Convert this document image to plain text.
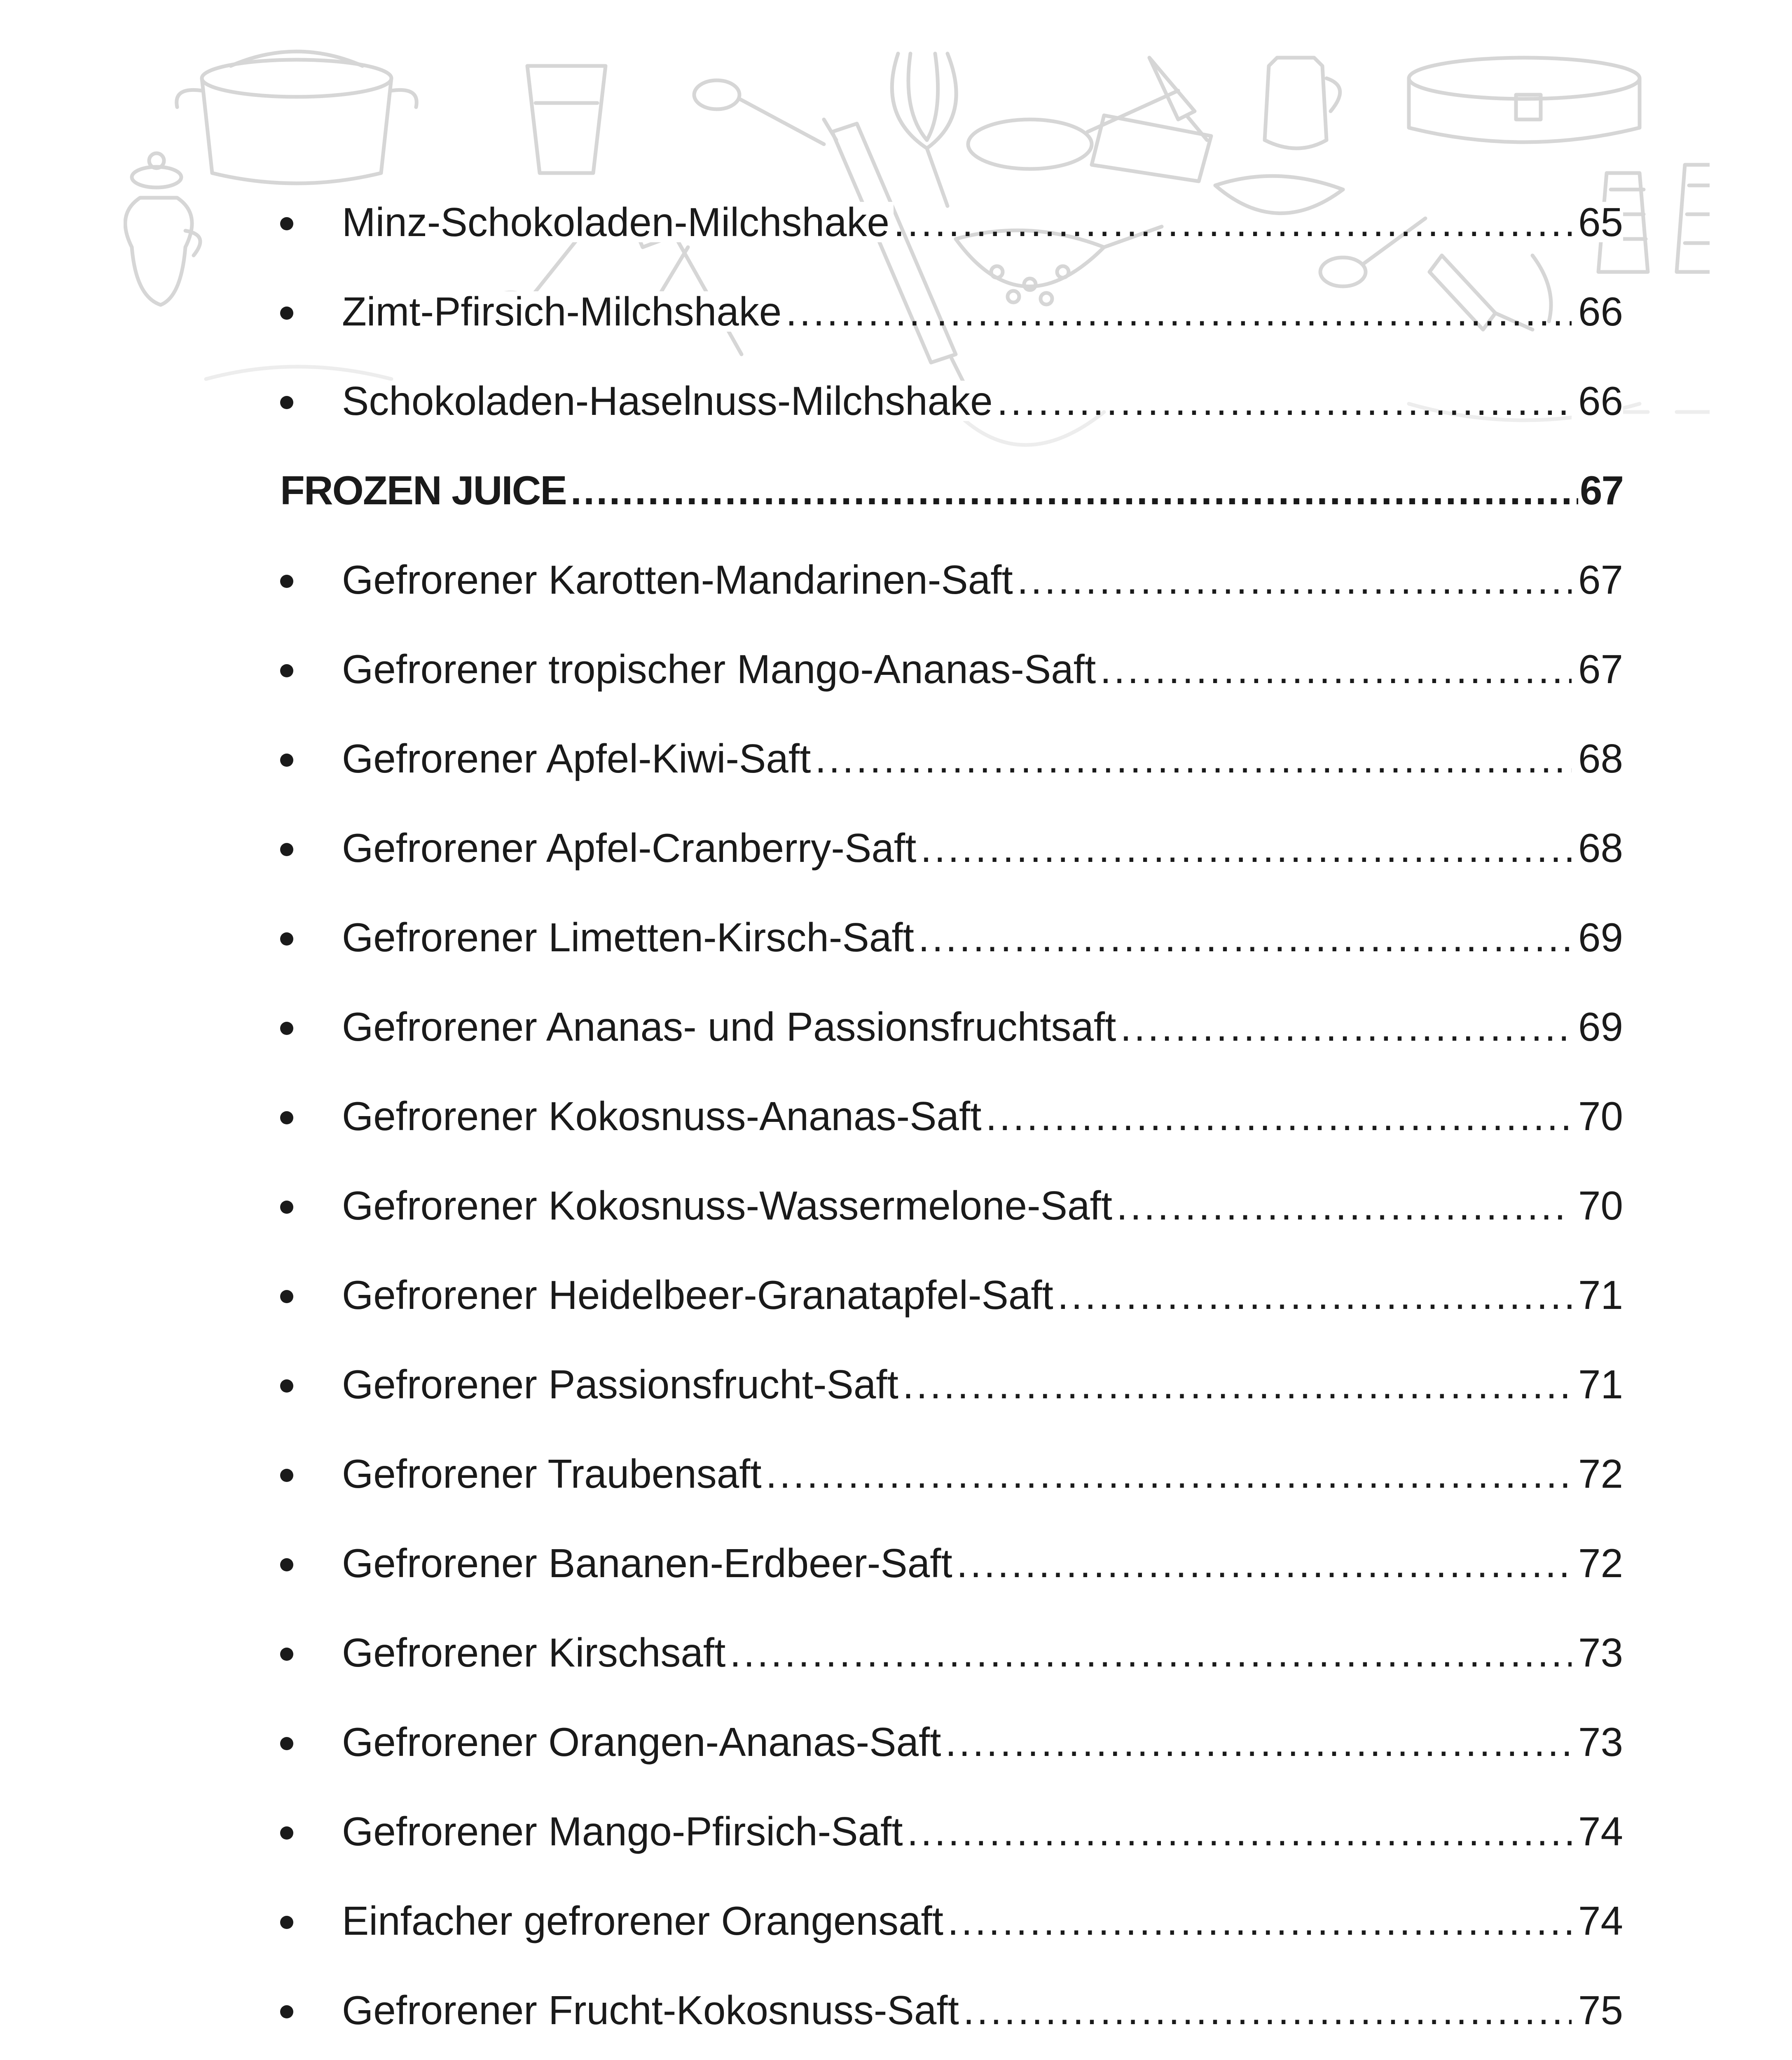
Minz-Schokoladen-Milchshake .....	65
Zimt-Pfirsich-Milchshake .....	66
Schokoladen-Haselnuss-Milchshake .....	66
FROZEN JUICE .....	67
Gefrorener Karotten-Mandarinen-Saft .....	67
Gefrorener tropischer Mango-Ananas-Saft .....	67
Gefrorener Apfel-Kiwi-Saft .....	68
Gefrorener Apfel-Cranberry-Saft .....	68
Gefrorener Limetten-Kirsch-Saft .....	69
Gefrorener Ananas- und Passionsfruchtsaft .....	69
Gefrorener Kokosnuss-Ananas-Saft .....	70
Gefrorener Kokosnuss-Wassermelone-Saft .....	70
Gefrorener Heidelbeer-Granatapfel-Saft .....	71
Gefrorener Passionsfrucht-Saft .....	71
Gefrorener Traubensaft .....	72
Gefrorener Bananen-Erdbeer-Saft .....	72
Gefrorener Kirschsaft .....	73
Gefrorener Orangen-Ananas-Saft .....	73
Gefrorener Mango-Pfirsich-Saft .....	74
Einfacher gefrorener Orangensaft .....	74
Gefrorener Frucht-Kokosnuss-Saft .....	75
